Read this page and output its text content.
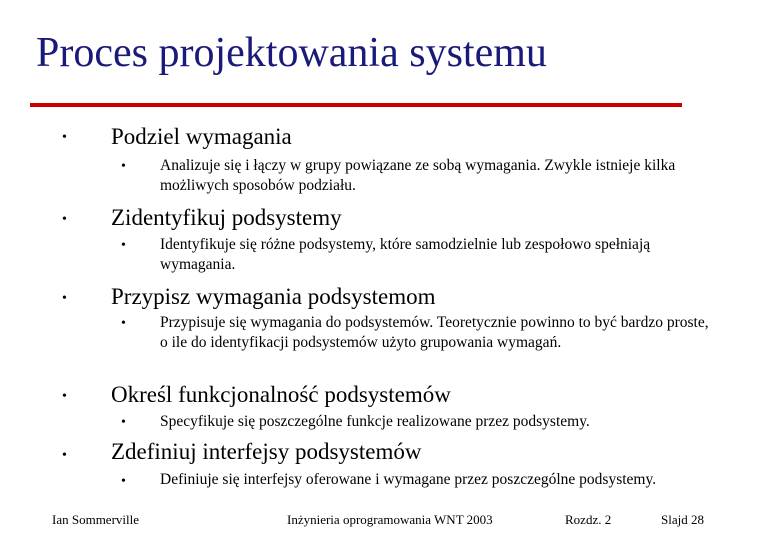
Proces projektowania systemu
• Podziel wymagania
• Analizuje się i łączy w grupy powiązane ze sobą wymagania. Zwykle istnieje kilka możliwych sposobów podziału.
• Zidentyfikuj podsystemy
• Identyfikuje się różne podsystemy, które samodzielnie lub zespołowo spełniają wymagania.
• Przypisz wymagania podsystemom
• Przypisuje się wymagania do podsystemów. Teoretycznie powinno to być bardzo proste, o ile do identyfikacji podsystemów użyto grupowania wymagań.
• Określ funkcjonalność podsystemów
• Specyfikuje się poszczególne funkcje realizowane przez podsystemy.
• Zdefiniuj interfejsy podsystemów
• Definiuje się interfejsy oferowane i wymagane przez poszczególne podsystemy.
Ian Sommerville	Inżynieria oprogramowania WNT 2003	Rozdz. 2	Slajd 28
